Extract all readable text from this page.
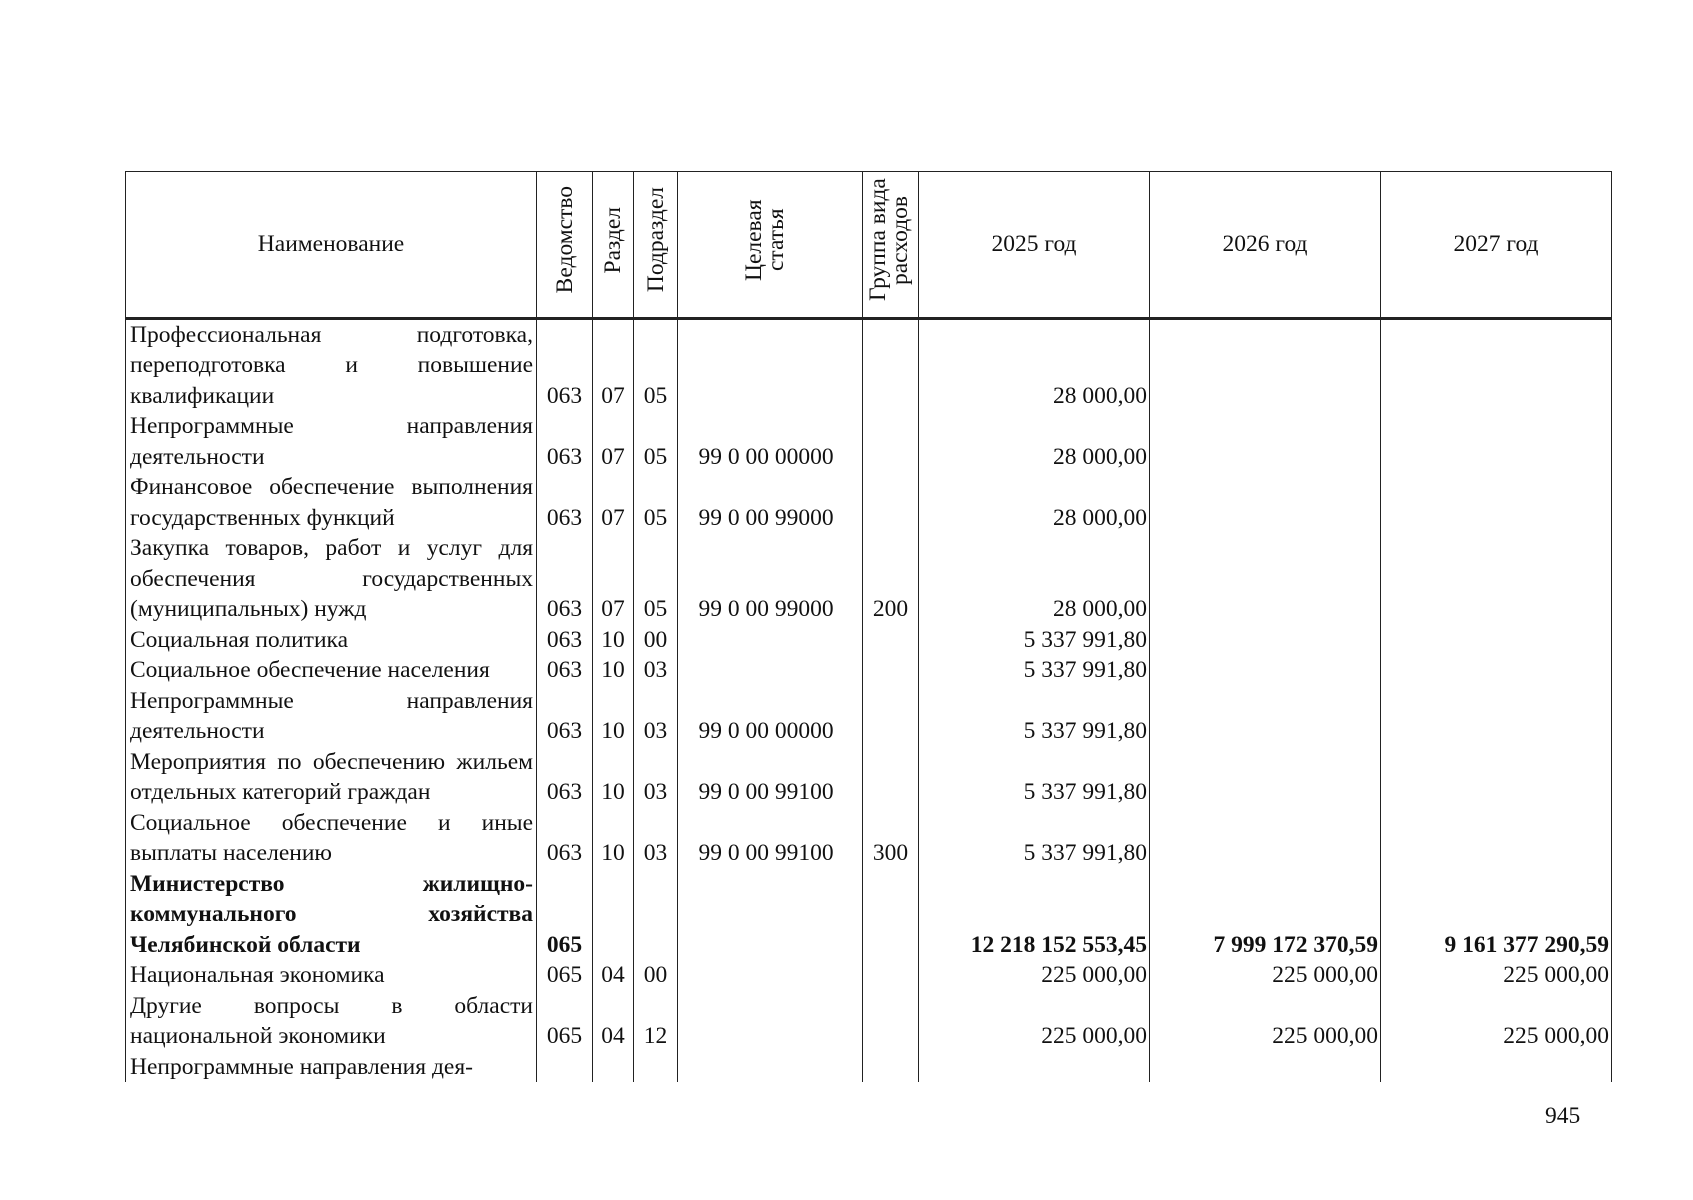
Наименование	Ведомство	Раздел	Подраздел	Целевая статья	Группа вида расходов	2025 год	2026 год	2027 год
Профессиональная подготовка, переподготовка и повышение квалификации	063	07	05			28 000,00		
Непрограммные направления деятельности	063	07	05	99 0 00 00000		28 000,00		
Финансовое обеспечение выполнения государственных функций	063	07	05	99 0 00 99000		28 000,00		
Закупка товаров, работ и услуг для обеспечения государственных (муниципальных) нужд	063	07	05	99 0 00 99000	200	28 000,00		
Социальная политика	063	10	00			5 337 991,80		
Социальное обеспечение населения	063	10	03			5 337 991,80		
Непрограммные направления деятельности	063	10	03	99 0 00 00000		5 337 991,80		
Мероприятия по обеспечению жильем отдельных категорий граждан	063	10	03	99 0 00 99100		5 337 991,80		
Социальное обеспечение и иные выплаты населению	063	10	03	99 0 00 99100	300	5 337 991,80		
Министерство жилищно-коммунального хозяйства Челябинской области	065					12 218 152 553,45	7 999 172 370,59	9 161 377 290,59
Национальная экономика	065	04	00			225 000,00	225 000,00	225 000,00
Другие вопросы в области национальной экономики	065	04	12			225 000,00	225 000,00	225 000,00
Непрограммные направления дея-								
945
